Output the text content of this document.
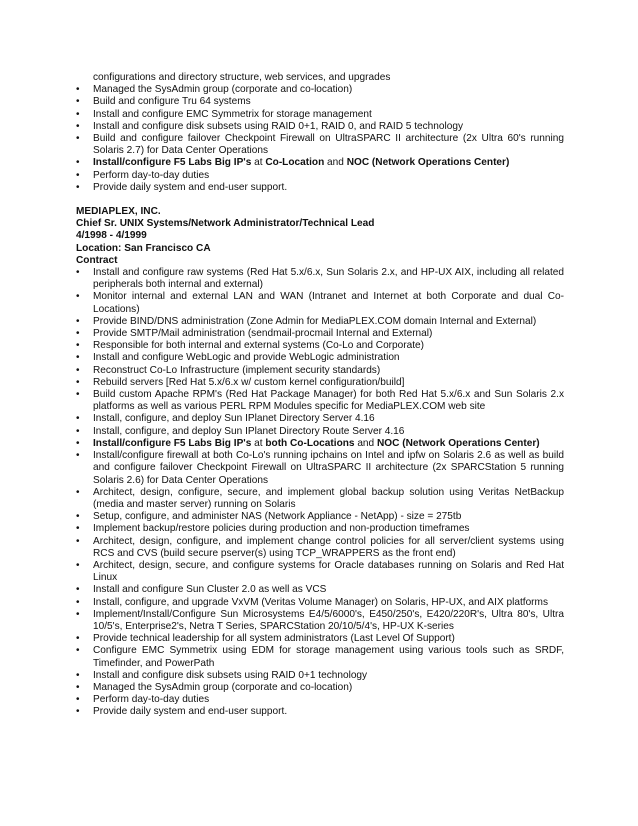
configurations and directory structure, web services, and upgrades

• Managed the SysAdmin group (corporate and co-location)
• Build and configure Tru 64 systems
• Install and configure EMC Symmetrix for storage management
• Install and configure disk subsets using RAID 0+1, RAID 0, and RAID 5 technology
• Build and configure failover Checkpoint Firewall on UltraSPARC II architecture (2x Ultra 60's running Solaris 2.7) for Data Center Operations
• Install/configure F5 Labs Big IP's at Co-Location and NOC (Network Operations Center)
• Perform day-to-day duties
• Provide daily system and end-user support.

MEDIAPLEX, INC.

Chief Sr. UNIX Systems/Network Administrator/Technical Lead

4/1998 - 4/1999

Location: San Francisco CA

Contract

• Install and configure raw systems (Red Hat 5.x/6.x, Sun Solaris 2.x, and HP-UX AIX, including all related peripherals both internal and external)
• Monitor internal and external LAN and WAN (Intranet and Internet at both Corporate and dual Co-Locations)
• Provide BIND/DNS administration (Zone Admin for MediaPLEX.COM domain Internal and External)
• Provide SMTP/Mail administration (sendmail-procmail Internal and External)
• Responsible for both internal and external systems (Co-Lo and Corporate)
• Install and configure WebLogic and provide WebLogic administration
• Reconstruct Co-Lo Infrastructure (implement security standards)
• Rebuild servers [Red Hat 5.x/6.x w/ custom kernel configuration/build]
• Build custom Apache RPM's (Red Hat Package Manager) for both Red Hat 5.x/6.x and Sun Solaris 2.x platforms as well as various PERL RPM Modules specific for MediaPLEX.COM web site
• Install, configure, and deploy Sun IPlanet Directory Server 4.16
• Install, configure, and deploy Sun IPlanet Directory Route Server 4.16
• Install/configure F5 Labs Big IP's at both Co-Locations and NOC (Network Operations Center)
• Install/configure firewall at both Co-Lo's running ipchains on Intel and ipfw on Solaris 2.6 as well as build and configure failover Checkpoint Firewall on UltraSPARC II architecture (2x SPARCStation 5 running Solaris 2.6) for Data Center Operations
• Architect, design, configure, secure, and implement global backup solution using Veritas NetBackup (media and master server) running on Solaris
• Setup, configure, and administer NAS (Network Appliance - NetApp) - size = 275tb
• Implement backup/restore policies during production and non-production timeframes
• Architect, design, configure, and implement change control policies for all server/client systems using RCS and CVS (build secure pserver(s) using TCP_WRAPPERS as the front end)
• Architect, design, secure, and configure systems for Oracle databases running on Solaris and Red Hat Linux
• Install and configure Sun Cluster 2.0 as well as VCS
• Install, configure, and upgrade VxVM (Veritas Volume Manager) on Solaris, HP-UX, and AIX platforms
• Implement/Install/Configure Sun Microsystems E4/5/6000's, E450/250's, E420/220R's, Ultra 80's, Ultra 10/5's, Enterprise2's, Netra T Series, SPARCStation 20/10/5/4's, HP-UX K-series
• Provide technical leadership for all system administrators (Last Level Of Support)
• Configure EMC Symmetrix using EDM for storage management using various tools such as SRDF, Timefinder, and PowerPath
• Install and configure disk subsets using RAID 0+1 technology
• Managed the SysAdmin group (corporate and co-location)
• Perform day-to-day duties
• Provide daily system and end-user support.
